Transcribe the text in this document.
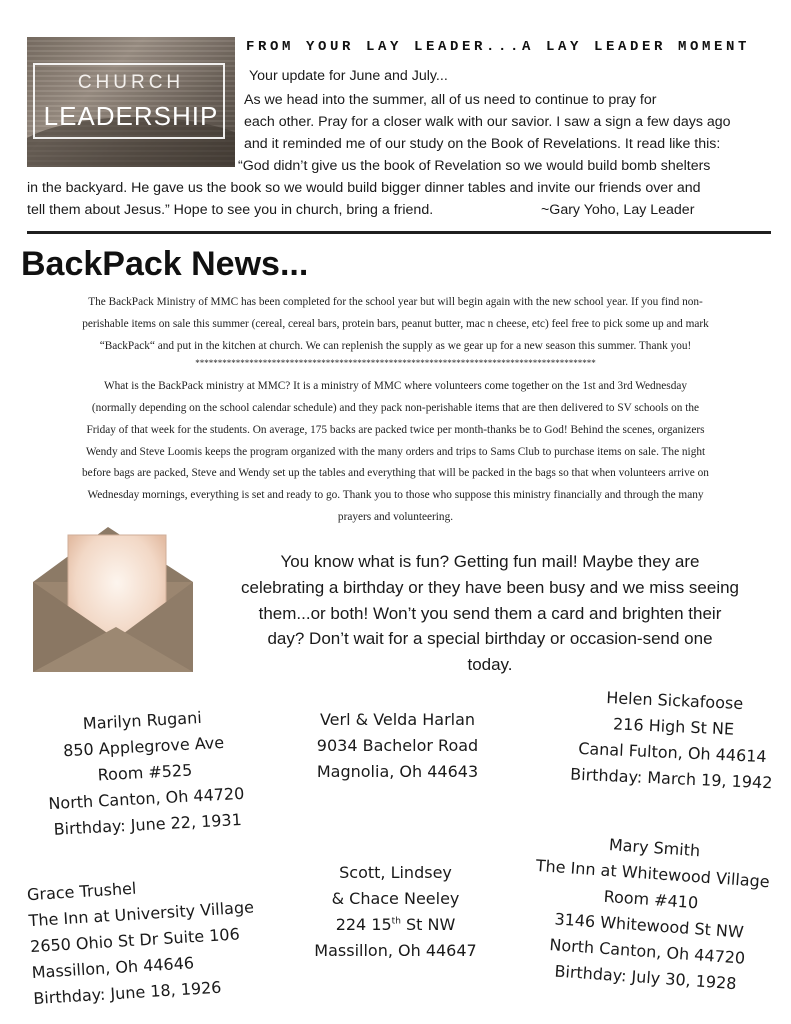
CHURCH
LEADERSHIP
FROM YOUR LAY LEADER...A LAY LEADER MOMENT
Your update for June and July...
As we head into the summer, all of us need to continue to pray for
each other. Pray for a closer walk with our savior. I saw a sign a few days ago
and it reminded me of our study on the Book of Revelations. It read like this:
“God didn’t give us the book of Revelation so we would build bomb shelters
in the backyard. He gave us the book so we would build bigger dinner tables and invite our friends over and
tell them about Jesus.” Hope to see you in church, bring a friend.	~Gary Yoho, Lay Leader
BackPack News...
The BackPack Ministry of MMC has been completed for the school year but will begin again with the new school year. If you find non-
perishable items on sale this summer (cereal, cereal bars, protein bars, peanut butter, mac n cheese, etc) feel free to pick some up and mark
“BackPack“ and put in the kitchen at church. We can replenish the supply as we gear up for a new season this summer. Thank you!
*****************************************************************************************
What is the BackPack ministry at MMC? It is a ministry of MMC where volunteers come together on the 1st and 3rd Wednesday
(normally depending on the school calendar schedule) and they pack non-perishable items that are then delivered to SV schools on the
Friday of that week for the students. On average, 175 backs are packed twice per month-thanks be to God! Behind the scenes, organizers
Wendy and Steve Loomis keeps the program organized with the many orders and trips to Sams Club to purchase items on sale. The night
before bags are packed, Steve and Wendy set up the tables and everything that will be packed in the bags so that when volunteers arrive on
Wednesday mornings, everything is set and ready to go. Thank you to those who suppose this ministry financially and through the many
prayers and volunteering.
You know what is fun? Getting fun mail! Maybe they are
celebrating a birthday or they have been busy and we miss seeing
them...or both! Won’t you send them a card and brighten their
day? Don’t wait for a special birthday or occasion-send one
today.
Marilyn Rugani
850 Applegrove Ave
Room #525
North Canton, Oh 44720
Birthday: June 22, 1931
Verl & Velda Harlan
9034 Bachelor Road
Magnolia, Oh 44643
Helen Sickafoose
216 High St NE
Canal Fulton, Oh 44614
Birthday: March 19, 1942
Grace Trushel
The Inn at University Village
2650 Ohio St Dr Suite 106
Massillon, Oh 44646
Birthday: June 18, 1926
Scott, Lindsey
& Chace Neeley
224 15th St NW
Massillon, Oh 44647
Mary Smith
The Inn at Whitewood Village
Room #410
3146 Whitewood St NW
North Canton, Oh 44720
Birthday: July 30, 1928
